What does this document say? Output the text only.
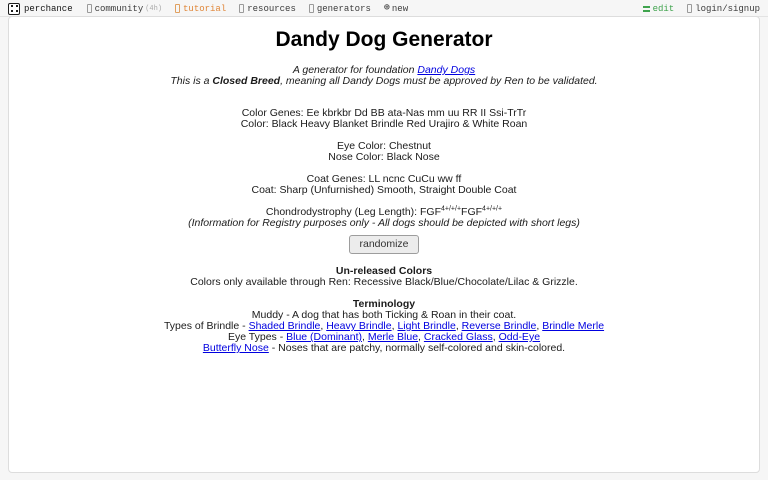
perchance community (4h) tutorial resources generators ⊕ new	edit login/signup
Dandy Dog Generator
A generator for foundation Dandy Dogs
This is a Closed Breed, meaning all Dandy Dogs must be approved by Ren to be validated.
Color Genes: Ee kbrkbr Dd BB ata-Nas mm uu RR II Ssi-TrTr
Color: Black Heavy Blanket Brindle Red Urajiro & White Roan
Eye Color: Chestnut
Nose Color: Black Nose
Coat Genes: LL ncnc CuCu ww ff
Coat: Sharp (Unfurnished) Smooth, Straight Double Coat
Chondrodystrophy (Leg Length): $FGF^{4+/+/+}FGF^{4+/+/+}$
(Information for Registry purposes only - All dogs should be depicted with short legs)
randomize
Un-released Colors
Colors only available through Ren: Recessive Black/Blue/Chocolate/Lilac & Grizzle.
Terminology
Muddy - A dog that has both Ticking & Roan in their coat.
Types of Brindle - Shaded Brindle, Heavy Brindle, Light Brindle, Reverse Brindle, Brindle Merle
Eye Types - Blue (Dominant), Merle Blue, Cracked Glass, Odd-Eye
Butterfly Nose - Noses that are patchy, normally self-colored and skin-colored.
